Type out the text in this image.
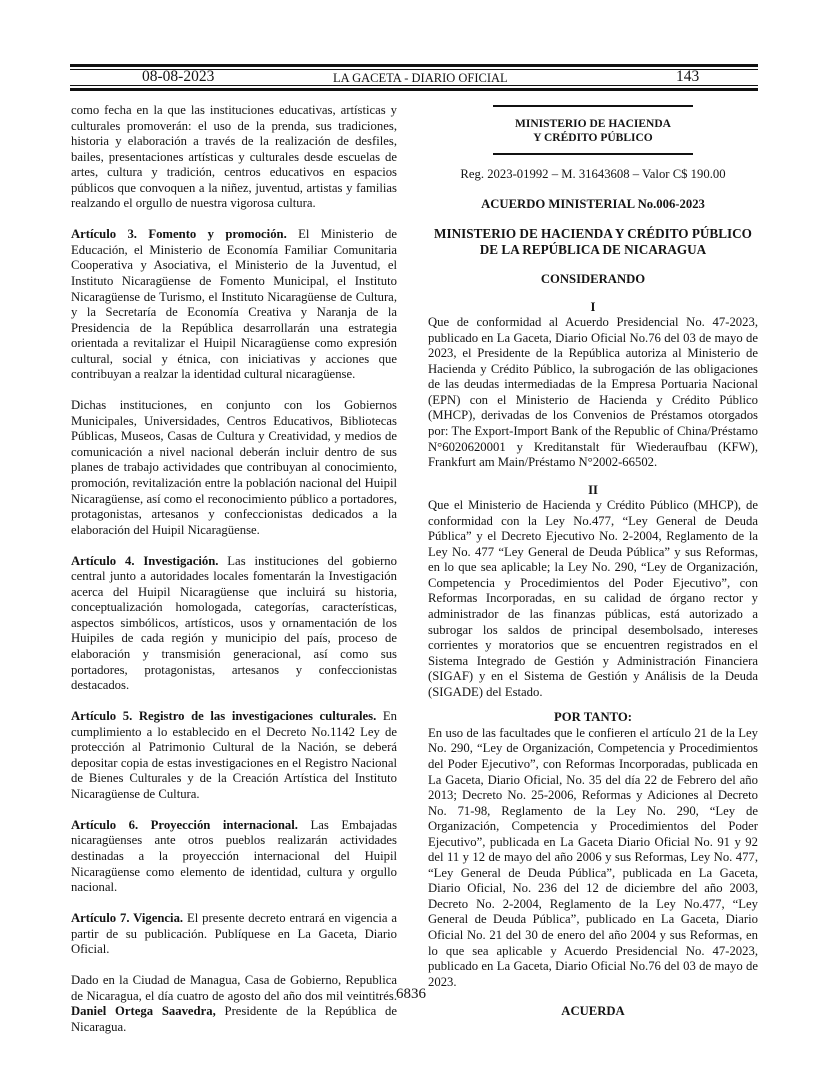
08-08-2023	LA GACETA - DIARIO OFICIAL	143

como fecha en la que las instituciones educativas, artísticas y culturales promoverán: el uso de la prenda, sus tradiciones, historia y elaboración a través de la realización de desfiles, bailes, presentaciones artísticas y culturales desde escuelas de artes, cultura y tradición, centros educativos en espacios públicos que convoquen a la niñez, juventud, artistas y familias realzando el orgullo de nuestra vigorosa cultura.

Artículo 3. Fomento y promoción. El Ministerio de Educación, el Ministerio de Economía Familiar Comunitaria Cooperativa y Asociativa, el Ministerio de la Juventud, el Instituto Nicaragüense de Fomento Municipal, el Instituto Nicaragüense de Turismo, el Instituto Nicaragüense de Cultura, y la Secretaría de Economía Creativa y Naranja de la Presidencia de la República desarrollarán una estrategia orientada a revitalizar el Huipil Nicaragüense como expresión cultural, social y étnica, con iniciativas y acciones que contribuyan a realzar la identidad cultural nicaragüense.

Dichas instituciones, en conjunto con los Gobiernos Municipales, Universidades, Centros Educativos, Bibliotecas Públicas, Museos, Casas de Cultura y Creatividad, y medios de comunicación a nivel nacional deberán incluir dentro de sus planes de trabajo actividades que contribuyan al conocimiento, promoción, revitalización entre la población nacional del Huipil Nicaragüense, así como el reconocimiento público a portadores, protagonistas, artesanos y confeccionistas dedicados a la elaboración del Huipil Nicaragüense.

Artículo 4. Investigación. Las instituciones del gobierno central junto a autoridades locales fomentarán la Investigación acerca del Huipil Nicaragüense que incluirá su historia, conceptualización homologada, categorías, características, aspectos simbólicos, artísticos, usos y ornamentación de los Huipiles de cada región y municipio del país, proceso de elaboración y transmisión generacional, así como sus portadores, protagonistas, artesanos y confeccionistas destacados.

Artículo 5. Registro de las investigaciones culturales. En cumplimiento a lo establecido en el Decreto No.1142 Ley de protección al Patrimonio Cultural de la Nación, se deberá depositar copia de estas investigaciones en el Registro Nacional de Bienes Culturales y de la Creación Artística del Instituto Nicaragüense de Cultura.

Artículo 6. Proyección internacional. Las Embajadas nicaragüenses ante otros pueblos realizarán actividades destinadas a la proyección internacional del Huipil Nicaragüense como elemento de identidad, cultura y orgullo nacional.

Artículo 7. Vigencia. El presente decreto entrará en vigencia a partir de su publicación. Publíquese en La Gaceta, Diario Oficial.

Dado en la Ciudad de Managua, Casa de Gobierno, Republica de Nicaragua, el día cuatro de agosto del año dos mil veintitrés. Daniel Ortega Saavedra, Presidente de la República de Nicaragua.

MINISTERIO DE HACIENDA
Y CRÉDITO PÚBLICO
Reg. 2023-01992 – M. 31643608 – Valor C$ 190.00
ACUERDO MINISTERIAL No.006-2023
MINISTERIO DE HACIENDA Y CRÉDITO PÚBLICO
DE LA REPÚBLICA DE NICARAGUA
CONSIDERANDO
I

Que de conformidad al Acuerdo Presidencial No. 47-2023, publicado en La Gaceta, Diario Oficial No.76 del 03 de mayo de 2023, el Presidente de la República autoriza al Ministerio de Hacienda y Crédito Público, la subrogación de las obligaciones de las deudas intermediadas de la Empresa Portuaria Nacional (EPN) con el Ministerio de Hacienda y Crédito Público (MHCP), derivadas de los Convenios de Préstamos otorgados por: The Export-Import Bank of the Republic of China/Préstamo N°6020620001 y Kreditanstalt für Wiederaufbau (KFW), Frankfurt am Main/Préstamo N°2002-66502.

II

Que el Ministerio de Hacienda y Crédito Público (MHCP), de conformidad con la Ley No.477, “Ley General de Deuda Pública” y el Decreto Ejecutivo No. 2-2004, Reglamento de la Ley No. 477 “Ley General de Deuda Pública” y sus Reformas, en lo que sea aplicable; la Ley No. 290, “Ley de Organización, Competencia y Procedimientos del Poder Ejecutivo”, con Reformas Incorporadas, en su calidad de órgano rector y administrador de las finanzas públicas, está autorizado a subrogar los saldos de principal desembolsado, intereses corrientes y moratorios que se encuentren registrados en el Sistema Integrado de Gestión y Administración Financiera (SIGAF) y en el Sistema de Gestión y Análisis de la Deuda (SIGADE) del Estado.

POR TANTO:

En uso de las facultades que le confieren el artículo 21 de la Ley No. 290, “Ley de Organización, Competencia y Procedimientos del Poder Ejecutivo”, con Reformas Incorporadas, publicada en La Gaceta, Diario Oficial, No. 35 del día 22 de Febrero del año 2013; Decreto No. 25-2006, Reformas y Adiciones al Decreto No. 71-98, Reglamento de la Ley No. 290, “Ley de Organización, Competencia y Procedimientos del Poder Ejecutivo”, publicada en La Gaceta Diario Oficial No. 91 y 92 del 11 y 12 de mayo del año 2006 y sus Reformas, Ley No. 477, “Ley General de Deuda Pública”, publicada en La Gaceta, Diario Oficial, No. 236 del 12 de diciembre del año 2003, Decreto No. 2-2004, Reglamento de la Ley No.477, “Ley General de Deuda Pública”, publicado en La Gaceta, Diario Oficial No. 21 del 30 de enero del año 2004 y sus Reformas, en lo que sea aplicable y Acuerdo Presidencial No. 47-2023, publicado en La Gaceta, Diario Oficial No.76 del 03 de mayo de 2023.

ACUERDA
6836
